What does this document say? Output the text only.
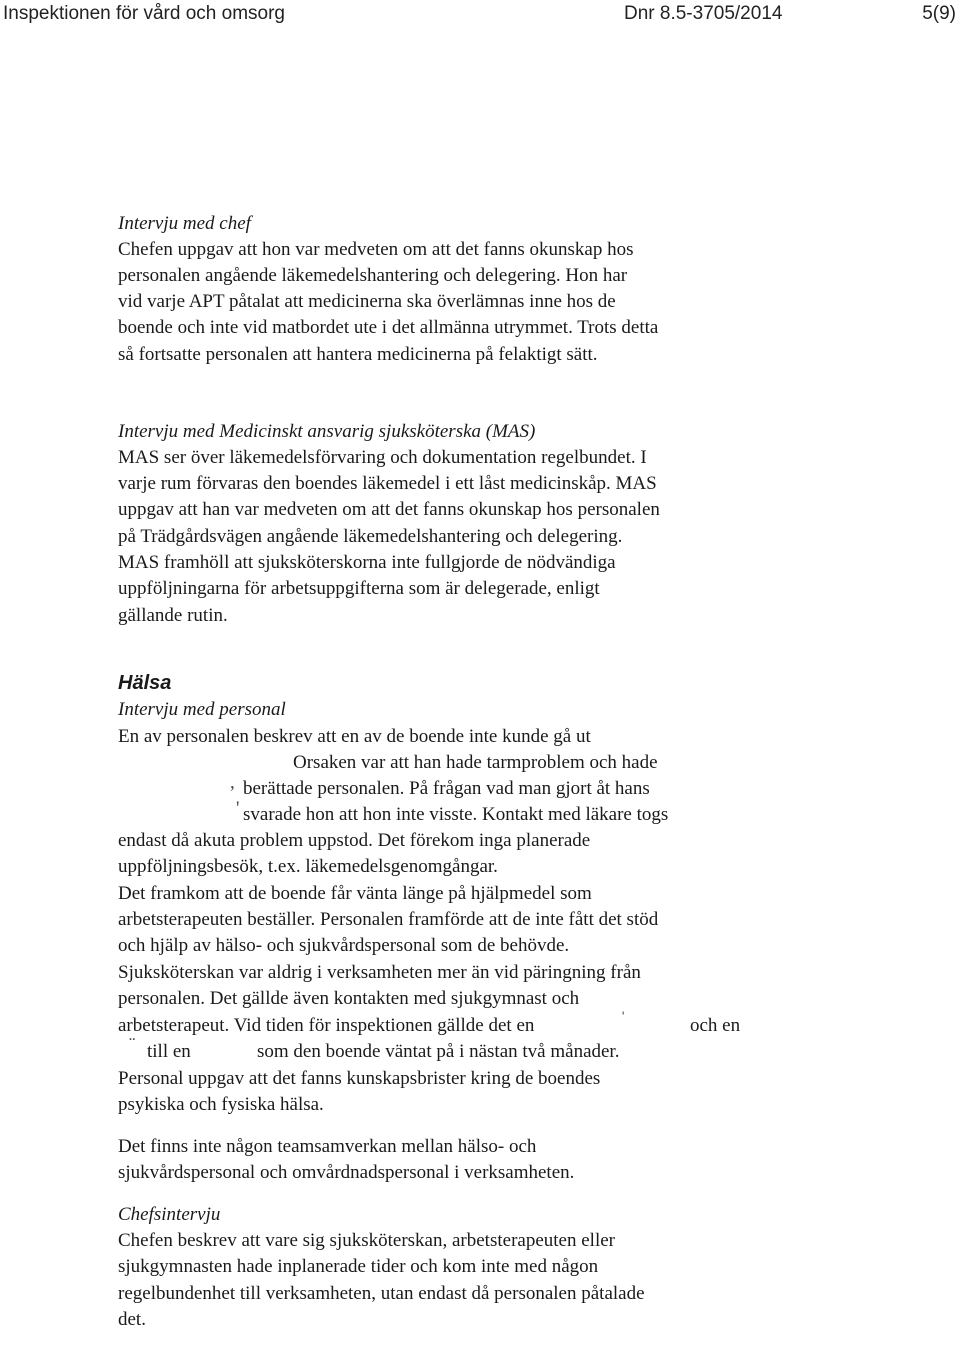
Inspektionen för vård och omsorg	Dnr 8.5-3705/2014	5(9)
Intervju med chef
Chefen uppgav att hon var medveten om att det fanns okunskap hos
personalen angående läkemedelshantering och delegering. Hon har
vid varje APT påtalat att medicinerna ska överlämnas inne hos de
boende och inte vid matbordet ute i det allmänna utrymmet. Trots detta
så fortsatte personalen att hantera medicinerna på felaktigt sätt.
Intervju med Medicinskt ansvarig sjuksköterska (MAS)
MAS ser över läkemedelsförvaring och dokumentation regelbundet. I
varje rum förvaras den boendes läkemedel i ett låst medicinskåp. MAS
uppgav att han var medveten om att det fanns okunskap hos personalen
på Trädgårdsvägen angående läkemedelshantering och delegering.
MAS framhöll att sjuksköterskorna inte fullgjorde de nödvändiga
uppföljningarna för arbetsuppgifterna som är delegerade, enligt
gällande rutin.
Hälsa
Intervju med personal
En av personalen beskrev att en av de boende inte kunde gå ut
Orsaken var att han hade tarmproblem och hade
, berättade personalen. På frågan vad man gjort åt hans
' svarade hon att hon inte visste. Kontakt med läkare togs
endast då akuta problem uppstod. Det förekom inga planerade
uppföljningsbesök, t.ex. läkemedelsgenomgångar.
Det framkom att de boende får vänta länge på hjälpmedel som
arbetsterapeuten beställer. Personalen framförde att de inte fått det stöd
och hjälp av hälso- och sjukvårdspersonal som de behövde.
Sjuksköterskan var aldrig i verksamheten mer än vid päringning från
personalen. Det gällde även kontakten med sjukgymnast och
arbetsterapeut. Vid tiden för inspektionen gällde det en	ˈ	och en
¨ till en	som den boende väntat på i nästan två månader.
Personal uppgav att det fanns kunskapsbrister kring de boendes
psykiska och fysiska hälsa.
Det finns inte någon teamsamverkan mellan hälso- och
sjukvårdspersonal och omvårdnadspersonal i verksamheten.
Chefsintervju
Chefen beskrev att vare sig sjuksköterskan, arbetsterapeuten eller
sjukgymnasten hade inplanerade tider och kom inte med någon
regelbundenhet till verksamheten, utan endast då personalen påtalade
det.
